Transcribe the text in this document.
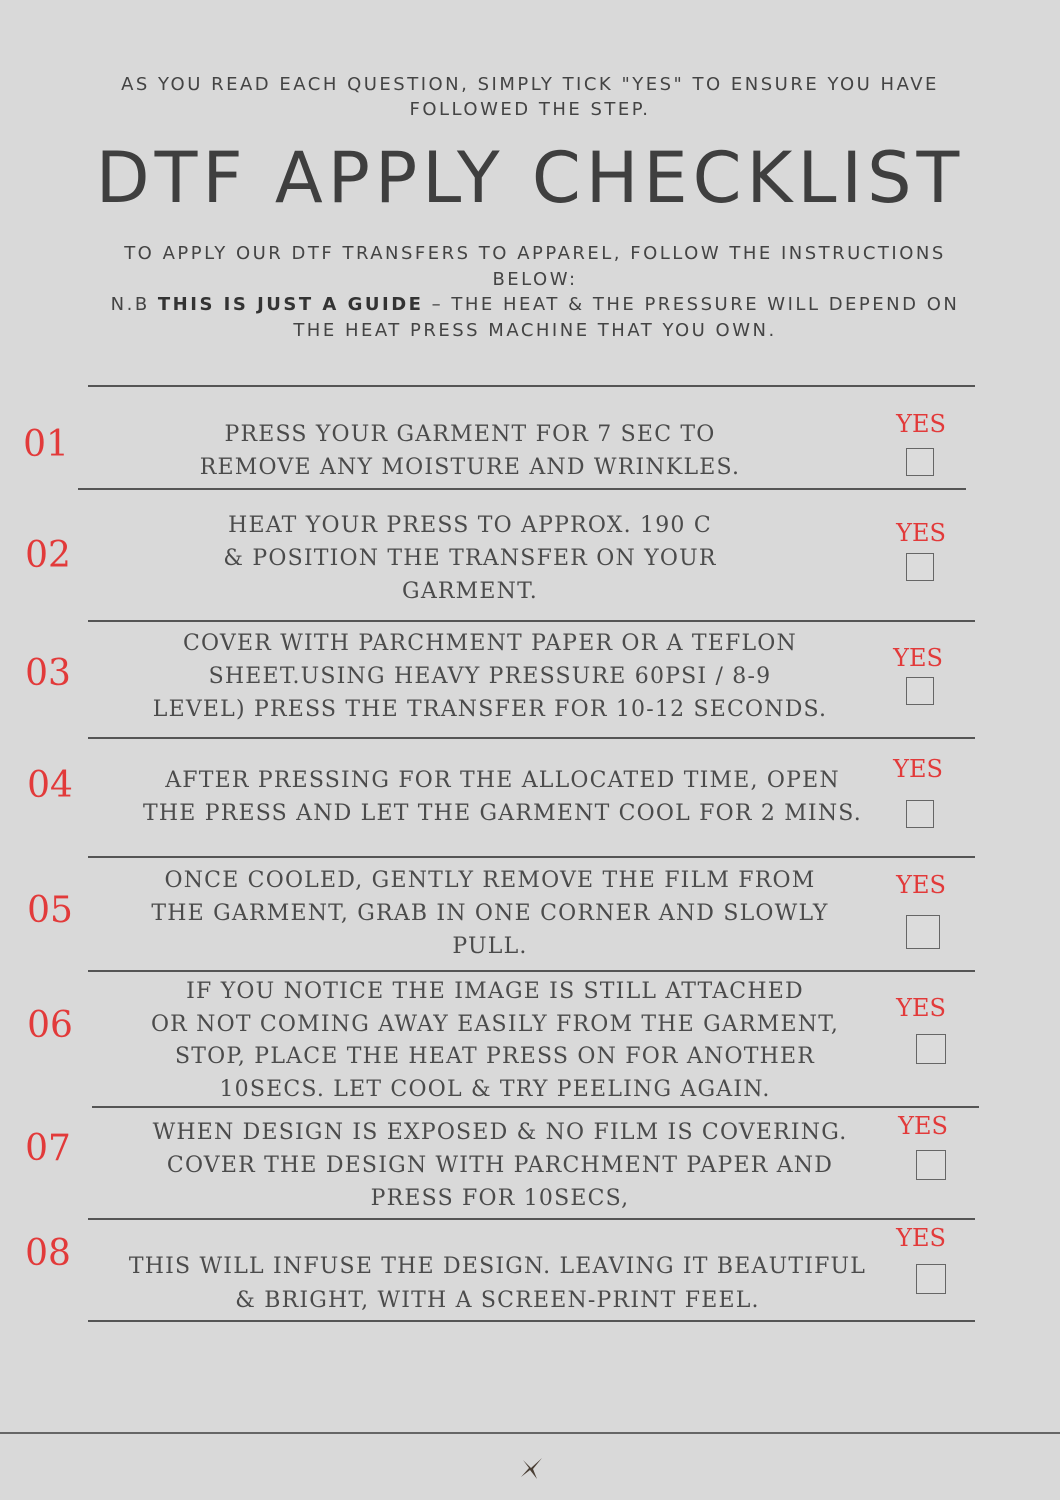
AS YOU READ EACH QUESTION, SIMPLY TICK "YES" TO ENSURE YOU HAVE FOLLOWED THE STEP.
DTF APPLY CHECKLIST
TO APPLY OUR DTF TRANSFERS TO APPAREL, FOLLOW THE INSTRUCTIONS BELOW:
N.B THIS IS JUST A GUIDE – THE HEAT & THE PRESSURE WILL DEPEND ON THE HEAT PRESS MACHINE THAT YOU OWN.
01	PRESS YOUR GARMENT FOR 7 SEC TO
REMOVE ANY MOISTURE AND WRINKLES.
YES
02
HEAT YOUR PRESS TO APPROX. 190 C
& POSITION THE TRANSFER ON YOUR
GARMENT.
YES
03
COVER WITH PARCHMENT PAPER OR A TEFLON
SHEET.USING HEAVY PRESSURE 60PSI / 8-9
LEVEL) PRESS THE TRANSFER FOR 10-12 SECONDS.
YES
04	AFTER PRESSING FOR THE ALLOCATED TIME, OPEN
THE PRESS AND LET THE GARMENT COOL FOR 2 MINS.
YES
05
ONCE COOLED, GENTLY REMOVE THE FILM FROM
THE GARMENT, GRAB IN ONE CORNER AND SLOWLY
PULL.
YES
06
IF YOU NOTICE THE IMAGE IS STILL ATTACHED
OR NOT COMING AWAY EASILY FROM THE GARMENT,
STOP, PLACE THE HEAT PRESS ON FOR ANOTHER
10SECS. LET COOL & TRY PEELING AGAIN.
YES
07	WHEN DESIGN IS EXPOSED & NO FILM IS COVERING.
COVER THE DESIGN WITH PARCHMENT PAPER AND
PRESS FOR 10SECS,
YES
08	THIS WILL INFUSE THE DESIGN. LEAVING IT BEAUTIFUL
& BRIGHT, WITH A SCREEN-PRINT FEEL.
YES
